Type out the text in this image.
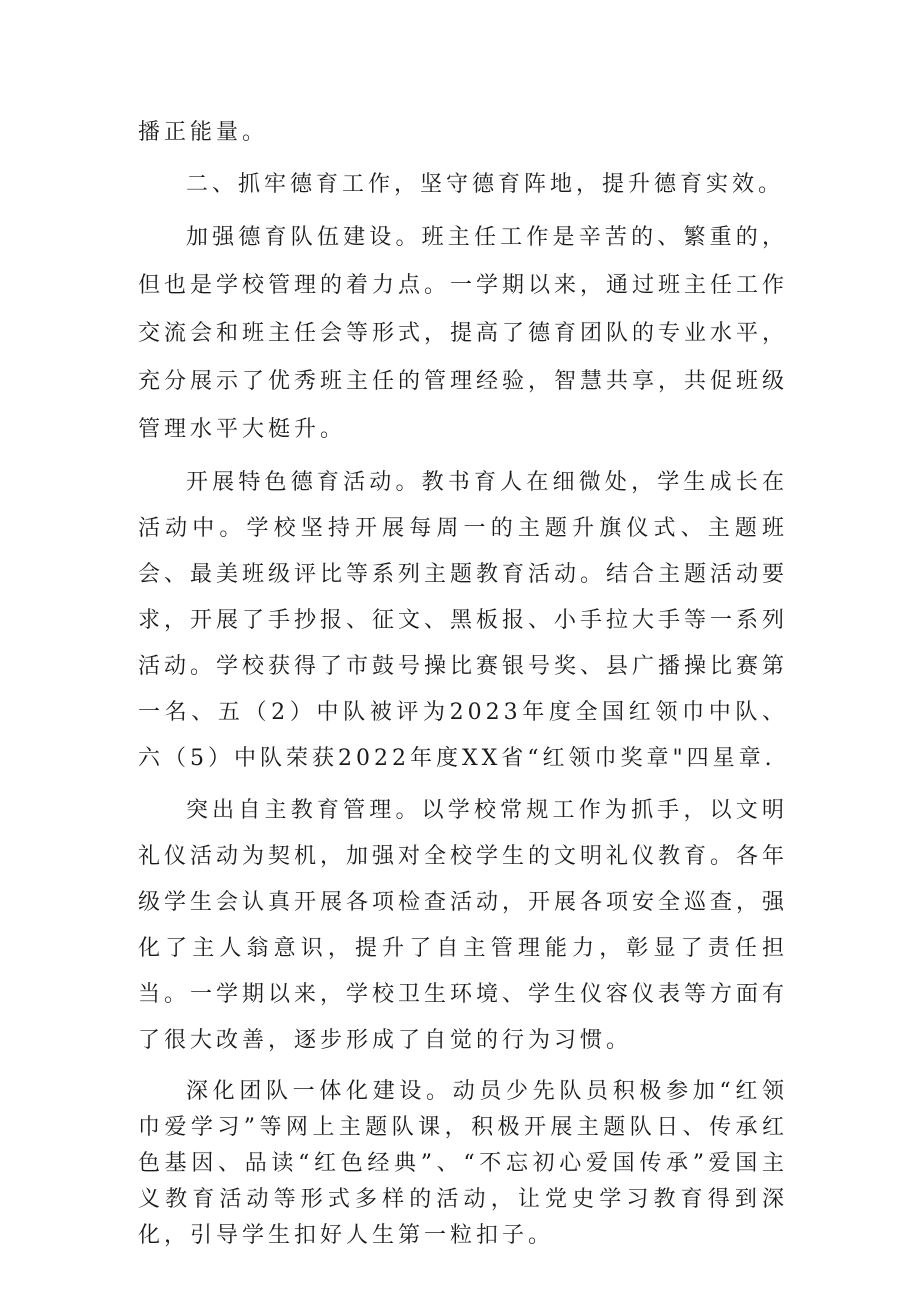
播正能量。

二、抓牢德育工作，坚守德育阵地，提升德育实效。

加强德育队伍建设。班主任工作是辛苦的、繁重的，但也是学校管理的着力点。一学期以来，通过班主任工作交流会和班主任会等形式，提高了德育团队的专业水平，充分展示了优秀班主任的管理经验，智慧共享，共促班级管理水平大梃升。

开展特色德育活动。教书育人在细微处，学生成长在活动中。学校坚持开展每周一的主题升旗仪式、主题班会、最美班级评比等系列主题教育活动。结合主题活动要求，开展了手抄报、征文、黑板报、小手拉大手等一系列活动。学校获得了市鼓号操比赛银号奖、县广播操比赛第一名、五（2）中队被评为2023年度全国红领巾中队、六（5）中队荣获2022年度XX省“红领巾奖章"四星章.

突出自主教育管理。以学校常规工作为抓手，以文明礼仪活动为契机，加强对全校学生的文明礼仪教育。各年级学生会认真开展各项检查活动，开展各项安全巡查，强化了主人翁意识，提升了自主管理能力，彰显了责任担当。一学期以来，学校卫生环境、学生仪容仪表等方面有了很大改善，逐步形成了自觉的行为习惯。

深化团队一体化建设。动员少先队员积极参加“红领巾爱学习”等网上主题队课，积极开展主题队日、传承红色基因、品读“红色经典”、“不忘初心爱国传承”爱国主义教育活动等形式多样的活动，让党史学习教育得到深化，引导学生扣好人生第一粒扣子。
